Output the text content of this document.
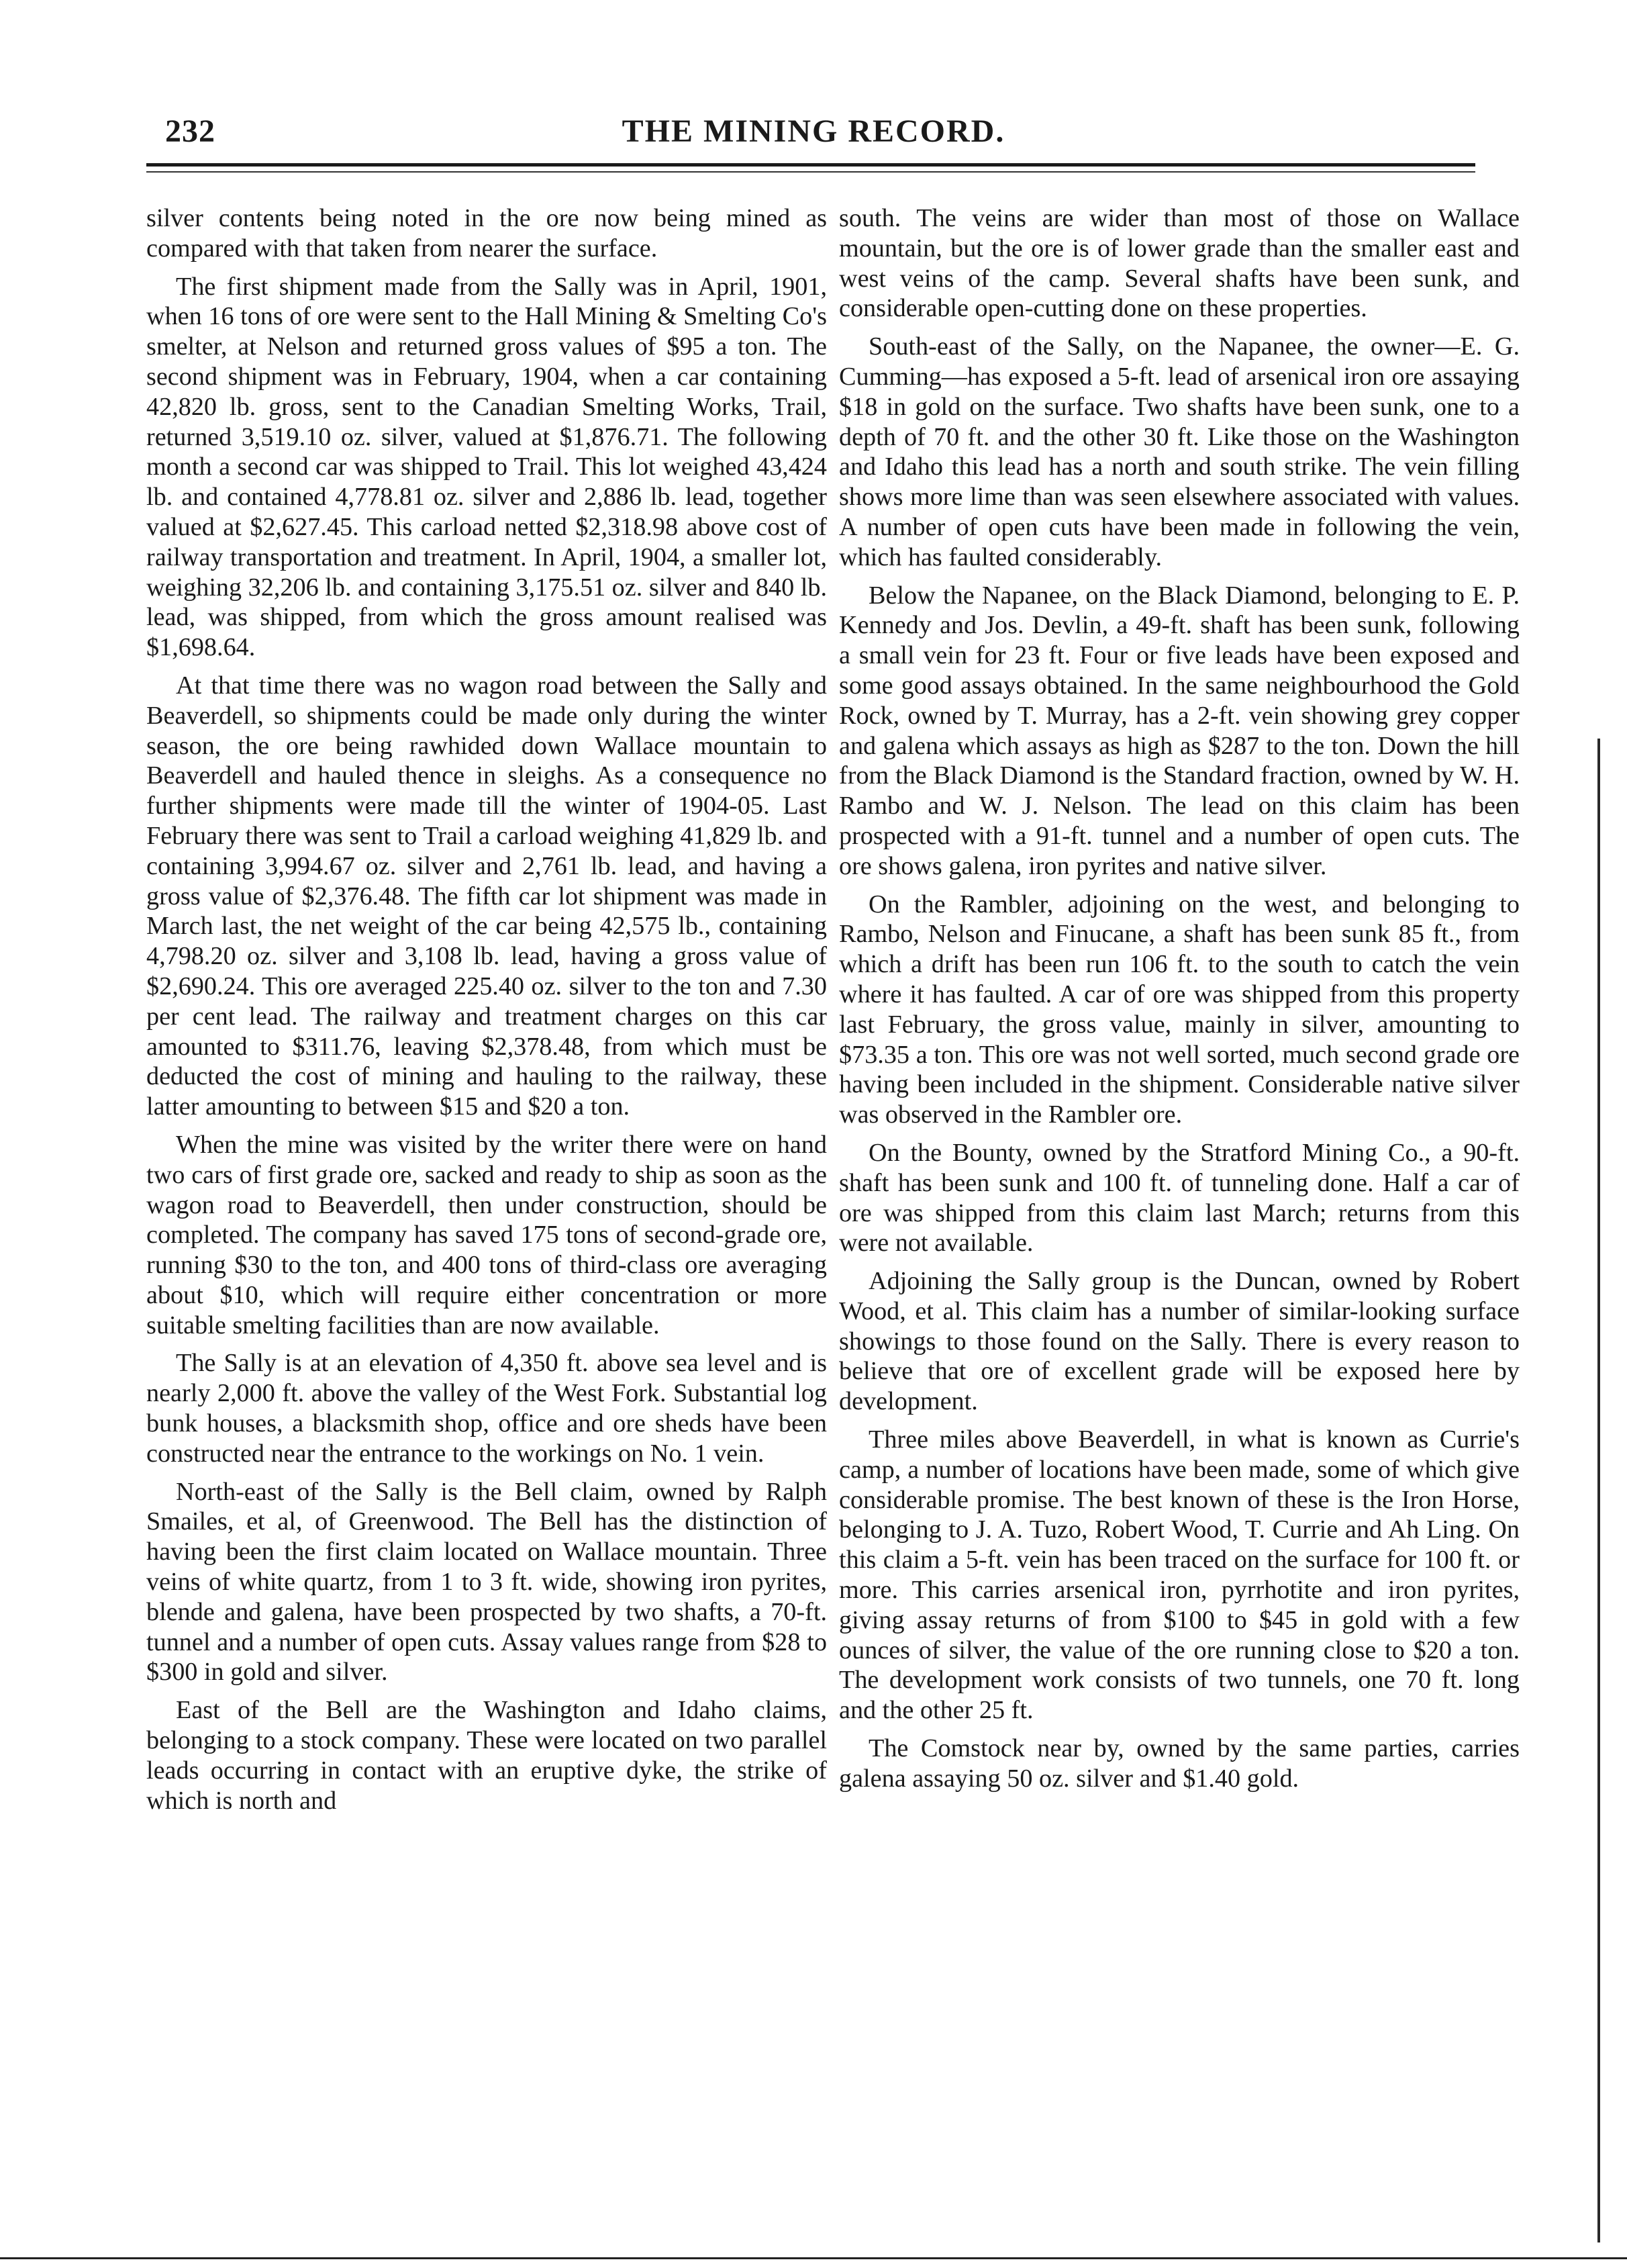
232	THE MINING RECORD.

silver contents being noted in the ore now being mined as compared with that taken from nearer the surface.

The first shipment made from the Sally was in April, 1901, when 16 tons of ore were sent to the Hall Mining & Smelting Co's smelter, at Nelson and returned gross values of $95 a ton. The second shipment was in February, 1904, when a car containing 42,820 lb. gross, sent to the Canadian Smelting Works, Trail, returned 3,519.10 oz. silver, valued at $1,876.71. The following month a second car was shipped to Trail. This lot weighed 43,424 lb. and contained 4,778.81 oz. silver and 2,886 lb. lead, together valued at $2,627.45. This carload netted $2,318.98 above cost of railway transportation and treatment. In April, 1904, a smaller lot, weighing 32,206 lb. and containing 3,175.51 oz. silver and 840 lb. lead, was shipped, from which the gross amount realised was $1,698.64.

At that time there was no wagon road between the Sally and Beaverdell, so shipments could be made only during the winter season, the ore being rawhided down Wallace mountain to Beaverdell and hauled thence in sleighs. As a consequence no further shipments were made till the winter of 1904-05. Last February there was sent to Trail a carload weighing 41,829 lb. and containing 3,994.67 oz. silver and 2,761 lb. lead, and having a gross value of $2,376.48. The fifth car lot shipment was made in March last, the net weight of the car being 42,575 lb., containing 4,798.20 oz. silver and 3,108 lb. lead, having a gross value of $2,690.24. This ore averaged 225.40 oz. silver to the ton and 7.30 per cent lead. The railway and treatment charges on this car amounted to $311.76, leaving $2,378.48, from which must be deducted the cost of mining and hauling to the railway, these latter amounting to between $15 and $20 a ton.

When the mine was visited by the writer there were on hand two cars of first grade ore, sacked and ready to ship as soon as the wagon road to Beaverdell, then under construction, should be completed. The company has saved 175 tons of second-grade ore, running $30 to the ton, and 400 tons of third-class ore averaging about $10, which will require either concentration or more suitable smelting facilities than are now available.

The Sally is at an elevation of 4,350 ft. above sea level and is nearly 2,000 ft. above the valley of the West Fork. Substantial log bunk houses, a blacksmith shop, office and ore sheds have been constructed near the entrance to the workings on No. 1 vein.

North-east of the Sally is the Bell claim, owned by Ralph Smailes, et al, of Greenwood. The Bell has the distinction of having been the first claim located on Wallace mountain. Three veins of white quartz, from 1 to 3 ft. wide, showing iron pyrites, blende and galena, have been prospected by two shafts, a 70-ft. tunnel and a number of open cuts. Assay values range from $28 to $300 in gold and silver.

East of the Bell are the Washington and Idaho claims, belonging to a stock company. These were located on two parallel leads occurring in contact with an eruptive dyke, the strike of which is north and

south. The veins are wider than most of those on Wallace mountain, but the ore is of lower grade than the smaller east and west veins of the camp. Several shafts have been sunk, and considerable open-cutting done on these properties.

South-east of the Sally, on the Napanee, the owner—E. G. Cumming—has exposed a 5-ft. lead of arsenical iron ore assaying $18 in gold on the surface. Two shafts have been sunk, one to a depth of 70 ft. and the other 30 ft. Like those on the Washington and Idaho this lead has a north and south strike. The vein filling shows more lime than was seen elsewhere associated with values. A number of open cuts have been made in following the vein, which has faulted considerably.

Below the Napanee, on the Black Diamond, belonging to E. P. Kennedy and Jos. Devlin, a 49-ft. shaft has been sunk, following a small vein for 23 ft. Four or five leads have been exposed and some good assays obtained. In the same neighbourhood the Gold Rock, owned by T. Murray, has a 2-ft. vein showing grey copper and galena which assays as high as $287 to the ton. Down the hill from the Black Diamond is the Standard fraction, owned by W. H. Rambo and W. J. Nelson. The lead on this claim has been prospected with a 91-ft. tunnel and a number of open cuts. The ore shows galena, iron pyrites and native silver.

On the Rambler, adjoining on the west, and belonging to Rambo, Nelson and Finucane, a shaft has been sunk 85 ft., from which a drift has been run 106 ft. to the south to catch the vein where it has faulted. A car of ore was shipped from this property last February, the gross value, mainly in silver, amounting to $73.35 a ton. This ore was not well sorted, much second grade ore having been included in the shipment. Considerable native silver was observed in the Rambler ore.

On the Bounty, owned by the Stratford Mining Co., a 90-ft. shaft has been sunk and 100 ft. of tunneling done. Half a car of ore was shipped from this claim last March; returns from this were not available.

Adjoining the Sally group is the Duncan, owned by Robert Wood, et al. This claim has a number of similar-looking surface showings to those found on the Sally. There is every reason to believe that ore of excellent grade will be exposed here by development.

Three miles above Beaverdell, in what is known as Currie's camp, a number of locations have been made, some of which give considerable promise. The best known of these is the Iron Horse, belonging to J. A. Tuzo, Robert Wood, T. Currie and Ah Ling. On this claim a 5-ft. vein has been traced on the surface for 100 ft. or more. This carries arsenical iron, pyrrhotite and iron pyrites, giving assay returns of from $100 to $45 in gold with a few ounces of silver, the value of the ore running close to $20 a ton. The development work consists of two tunnels, one 70 ft. long and the other 25 ft.

The Comstock near by, owned by the same parties, carries galena assaying 50 oz. silver and $1.40 gold.
